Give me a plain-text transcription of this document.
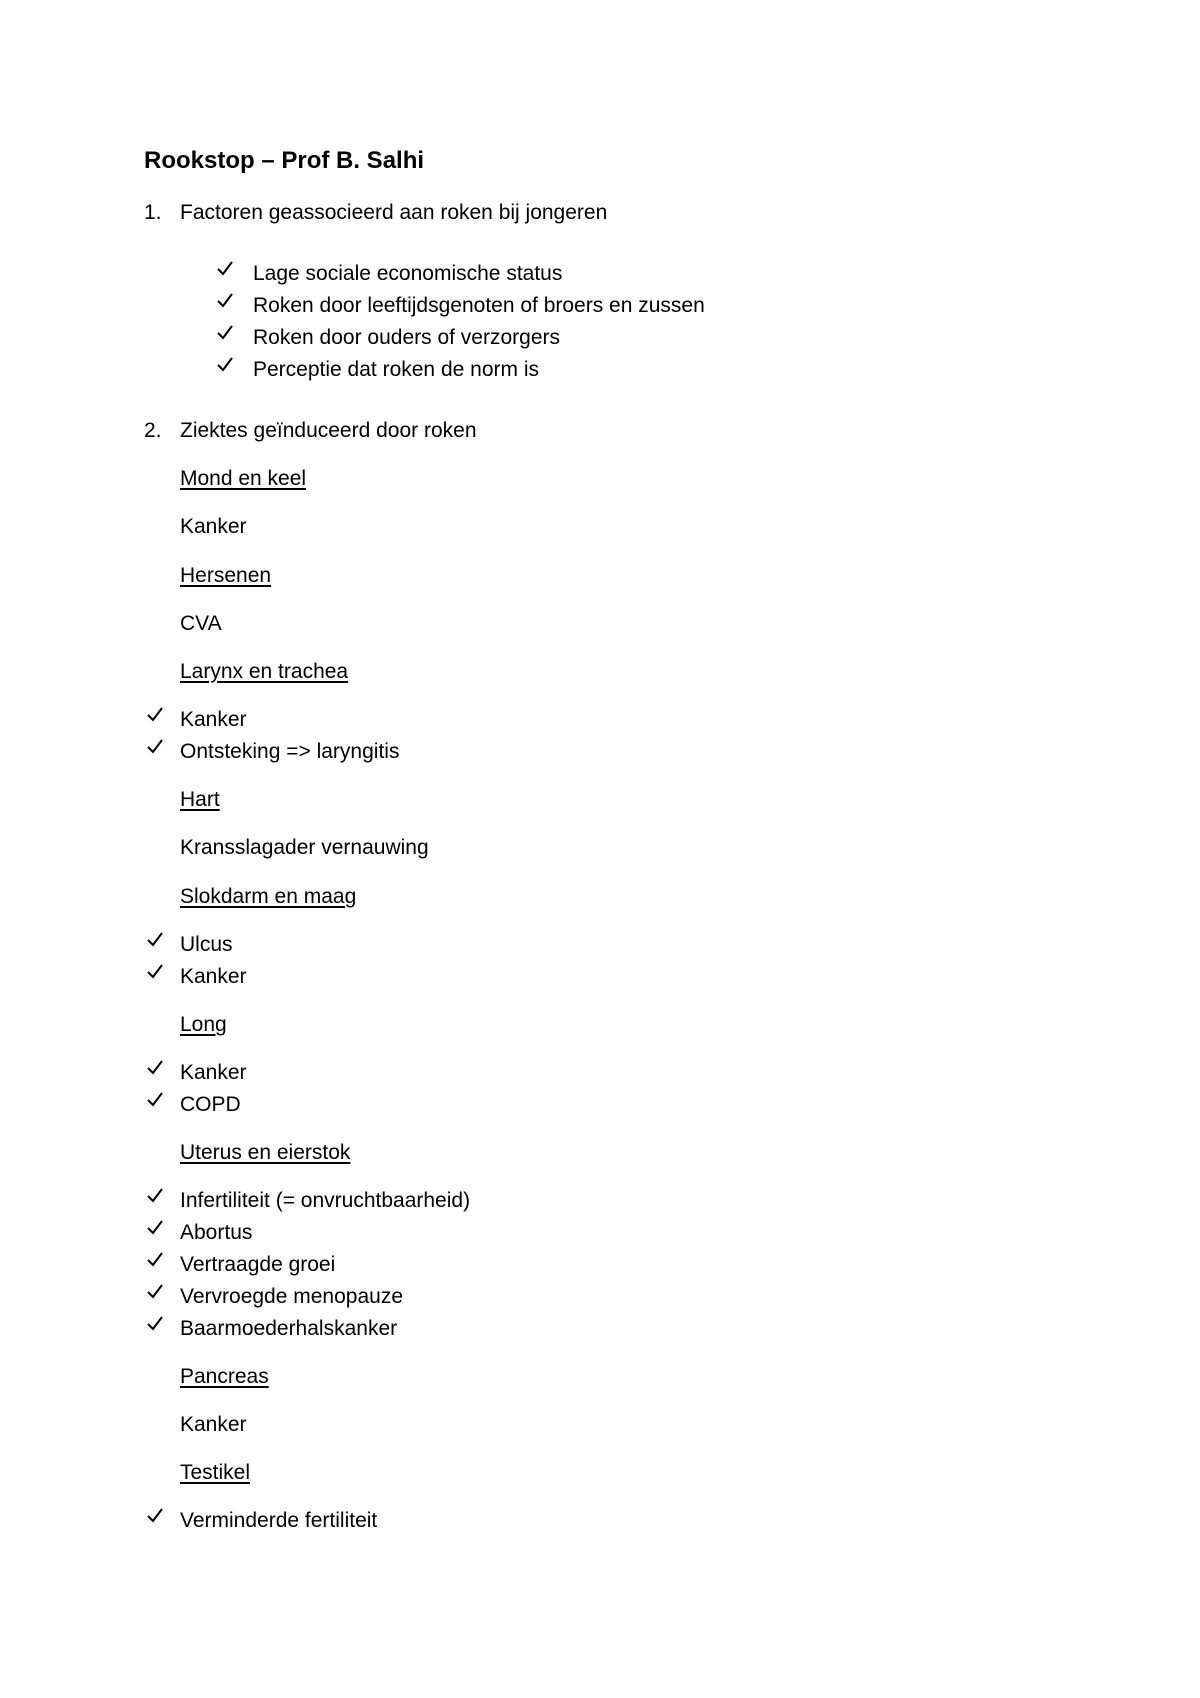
Rookstop – Prof B. Salhi
1. Factoren geassocieerd aan roken bij jongeren
Lage sociale economische status
Roken door leeftijdsgenoten of broers en zussen
Roken door ouders of verzorgers
Perceptie dat roken de norm is
2. Ziektes geïnduceerd door roken
Mond en keel
Kanker
Hersenen
CVA
Larynx en trachea
Kanker
Ontsteking => laryngitis
Hart
Kransslagader vernauwing
Slokdarm en maag
Ulcus
Kanker
Long
Kanker
COPD
Uterus en eierstok
Infertiliteit (= onvruchtbaarheid)
Abortus
Vertraagde groei
Vervroegde menopauze
Baarmoederhalskanker
Pancreas
Kanker
Testikel
Verminderde fertiliteit
